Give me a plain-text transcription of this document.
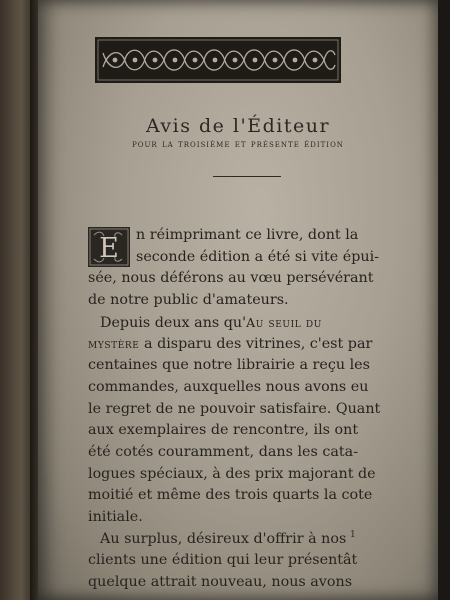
Avis de l'Éditeur
pour la troisième et présente édition
E	n réimprimant ce livre, dont la
seconde édition a été si vite épui-
sée, nous déférons au vœu persévérant
de notre public d'amateurs.
Depuis deux ans qu'Au seuil du
mystère a disparu des vitrines, c'est par
centaines que notre librairie a reçu les
commandes, auxquelles nous avons eu
le regret de ne pouvoir satisfaire. Quant
aux exemplaires de rencontre, ils ont
été cotés couramment, dans les cata-
logues spéciaux, à des prix majorant de
moitié et même des trois quarts la cote
initiale.
Au surplus, désireux d'offrir à nos
clients une édition qui leur présentât
quelque attrait nouveau, nous avons
1
